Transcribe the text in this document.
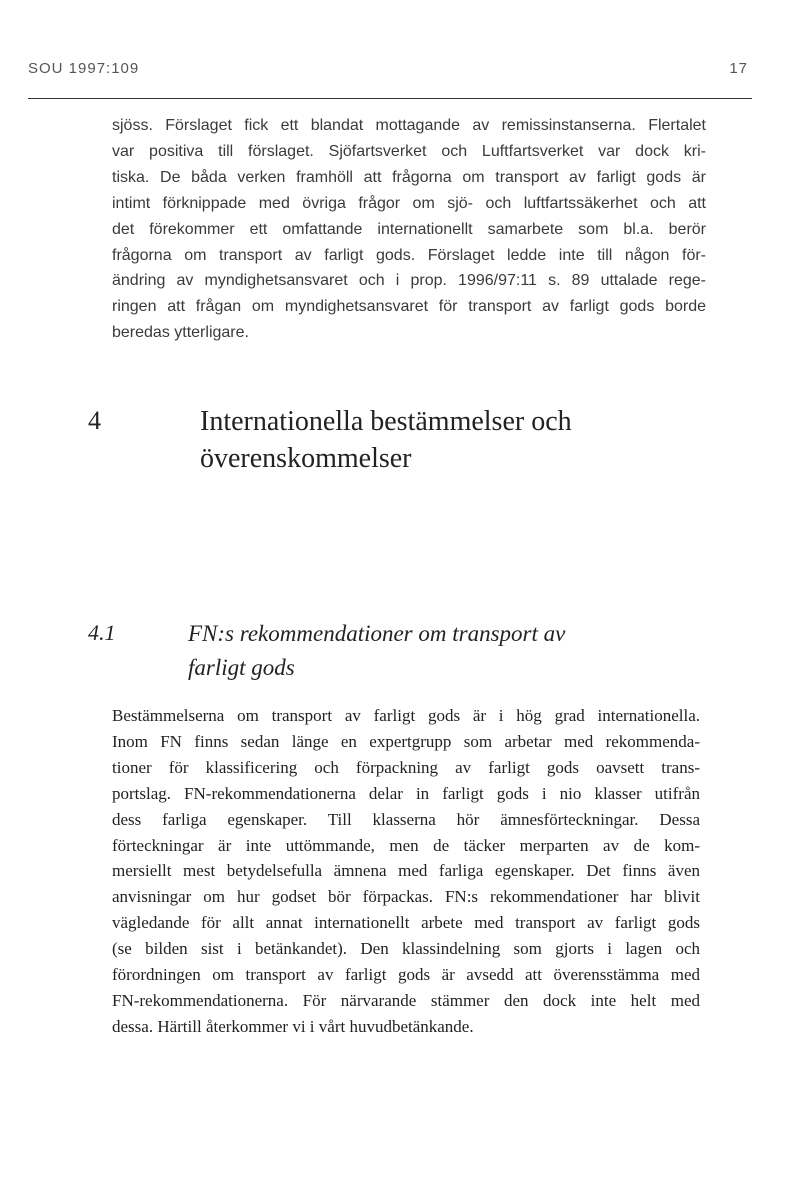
SOU 1997:109	17
sjöss. Förslaget fick ett blandat mottagande av remissinstanserna. Flertalet
var positiva till förslaget. Sjöfartsverket och Luftfartsverket var dock kri-
tiska. De båda verken framhöll att frågorna om transport av farligt gods är
intimt förknippade med övriga frågor om sjö- och luftfartssäkerhet och att
det förekommer ett omfattande internationellt samarbete som bl.a. berör
frågorna om transport av farligt gods. Förslaget ledde inte till någon för-
ändring av myndighetsansvaret och i prop. 1996/97:11 s. 89 uttalade rege-
ringen att frågan om myndighetsansvaret för transport av farligt gods borde
beredas ytterligare.
4	Internationella bestämmelser och
överenskommelser
4.1	FN:s rekommendationer om transport av
farligt gods
Bestämmelserna om transport av farligt gods är i hög grad internationella.
Inom FN finns sedan länge en expertgrupp som arbetar med rekommenda-
tioner för klassificering och förpackning av farligt gods oavsett trans-
portslag. FN-rekommendationerna delar in farligt gods i nio klasser utifrån
dess farliga egenskaper. Till klasserna hör ämnesförteckningar. Dessa
förteckningar är inte uttömmande, men de täcker merparten av de kom-
mersiellt mest betydelsefulla ämnena med farliga egenskaper. Det finns även
anvisningar om hur godset bör förpackas. FN:s rekommendationer har blivit
vägledande för allt annat internationellt arbete med transport av farligt gods
(se bilden sist i betänkandet). Den klassindelning som gjorts i lagen och
förordningen om transport av farligt gods är avsedd att överensstämma med
FN-rekommendationerna. För närvarande stämmer den dock inte helt med
dessa. Härtill återkommer vi i vårt huvudbetänkande.
